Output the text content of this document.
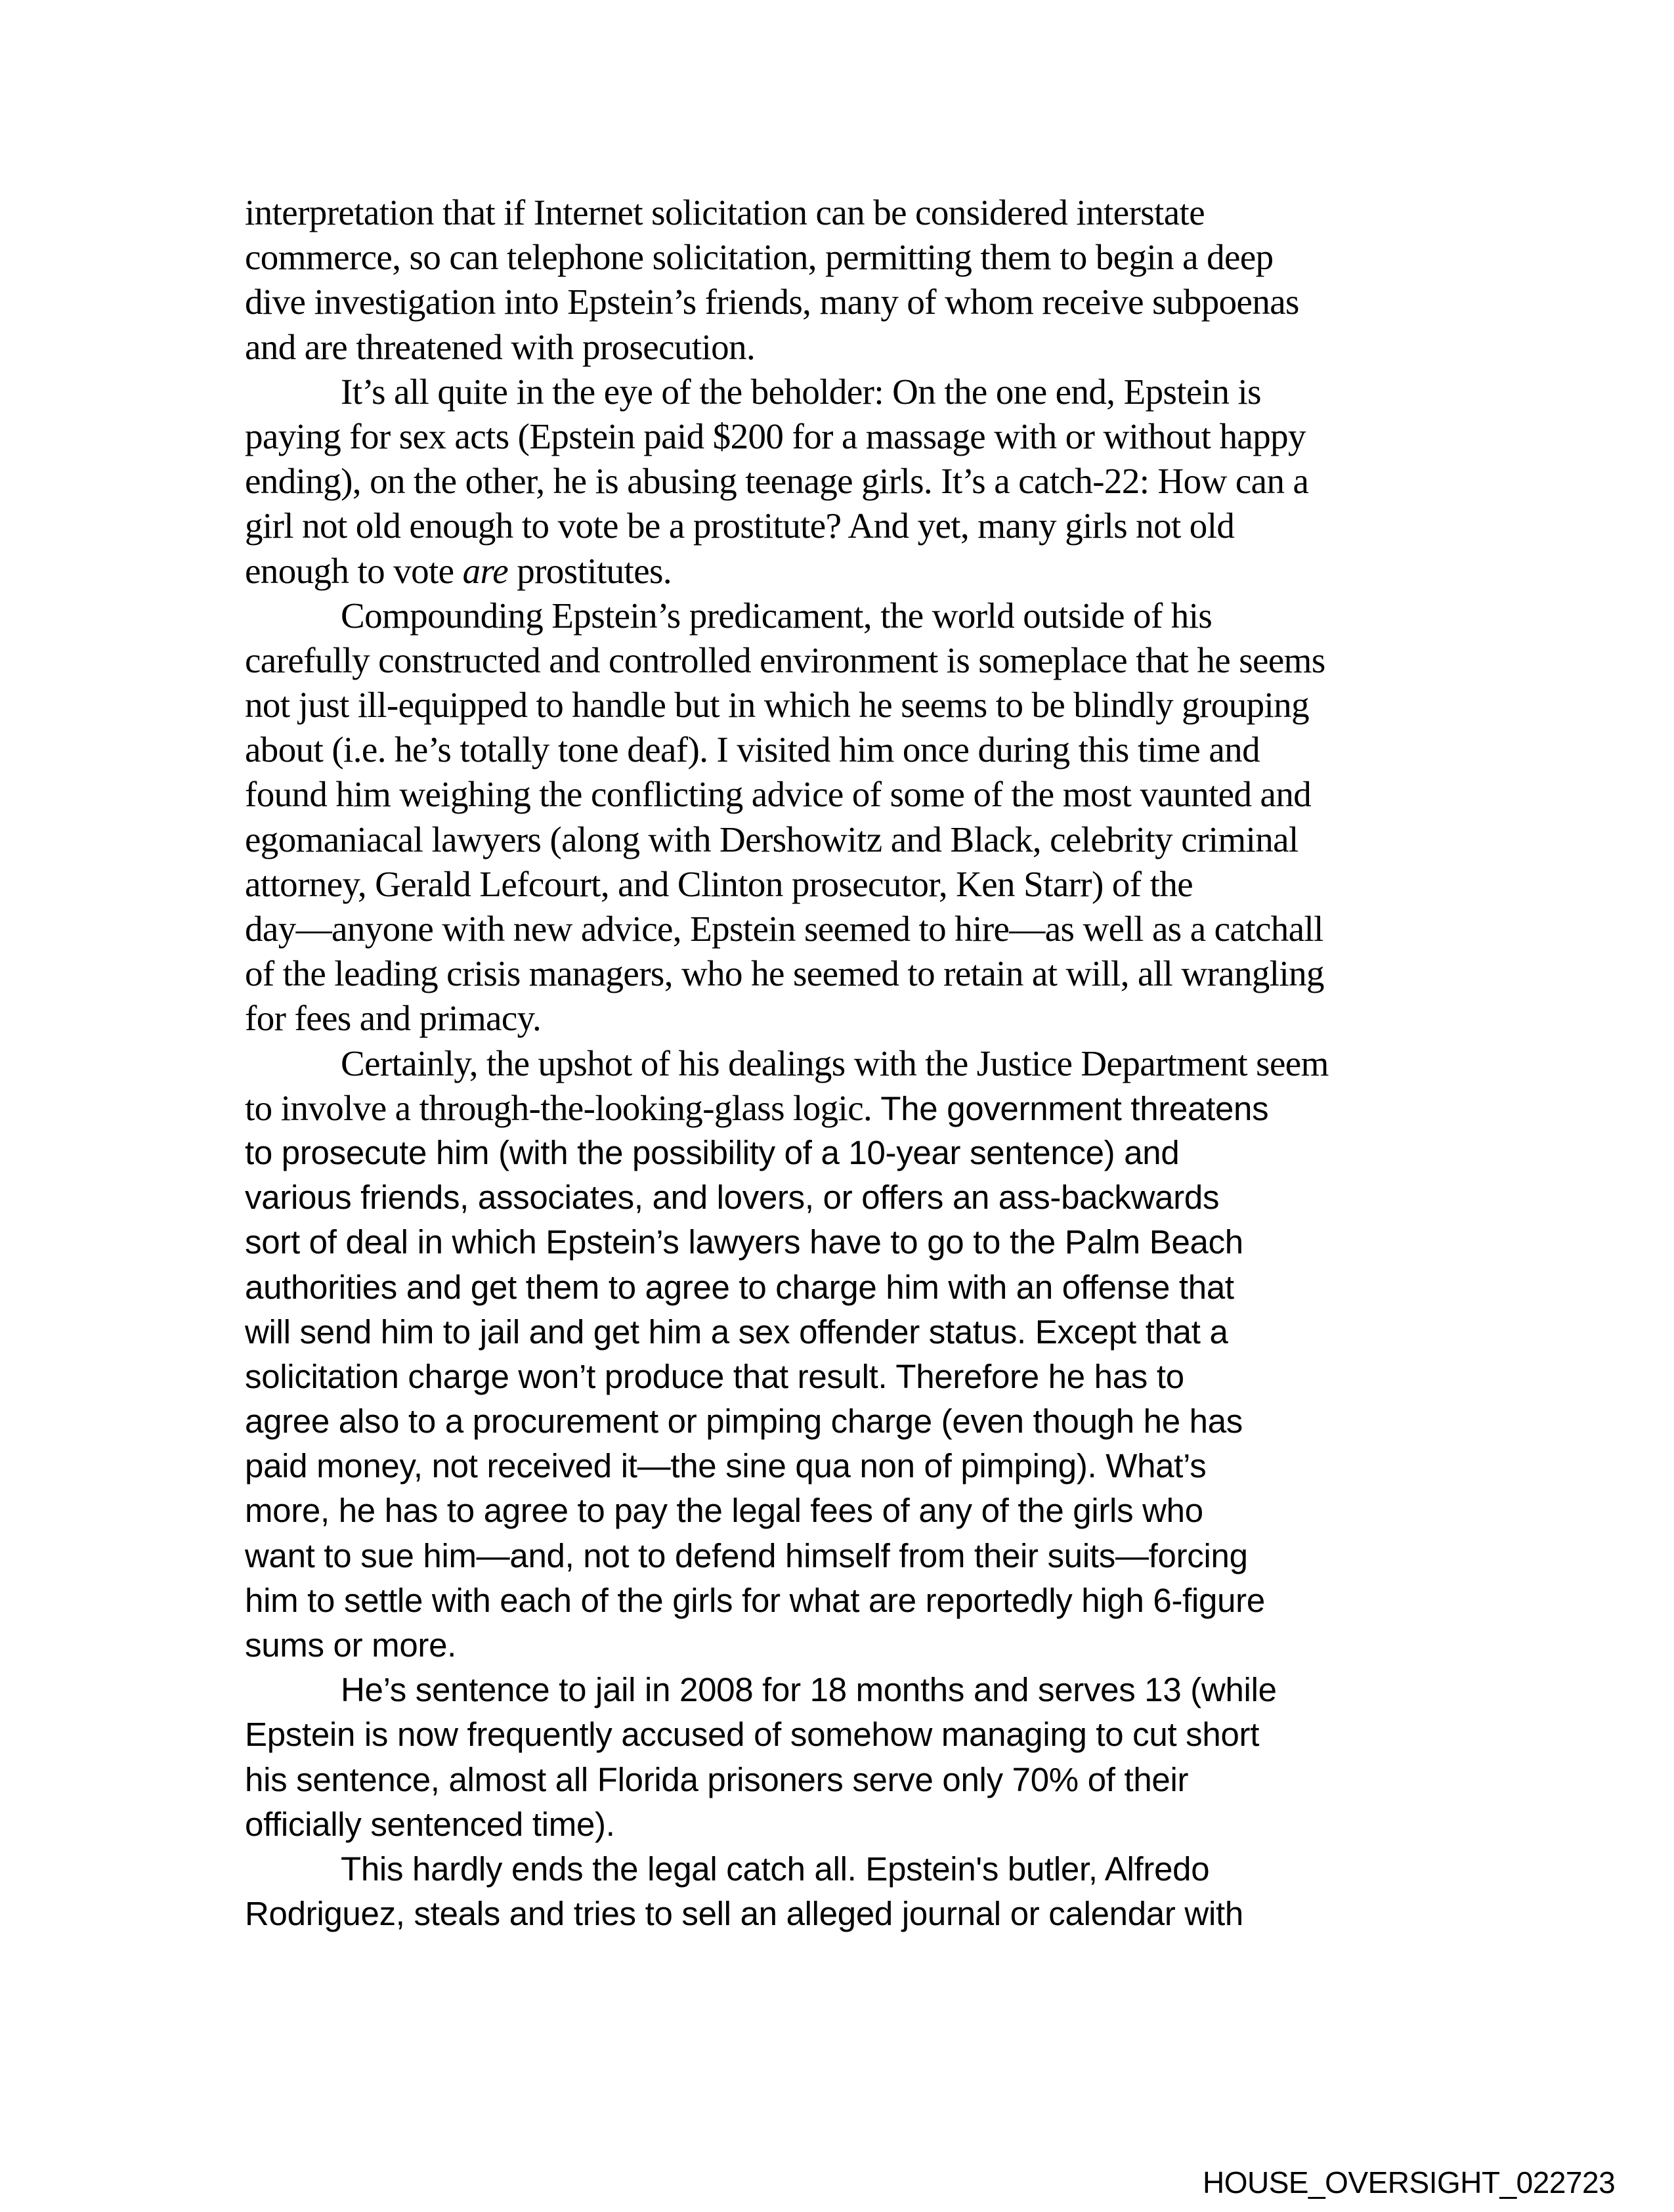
interpretation that if Internet solicitation can be considered interstate
commerce, so can telephone solicitation, permitting them to begin a deep
dive investigation into Epstein’s friends, many of whom receive subpoenas
and are threatened with prosecution.
It’s all quite in the eye of the beholder: On the one end, Epstein is
paying for sex acts (Epstein paid $200 for a massage with or without happy
ending), on the other, he is abusing teenage girls. It’s a catch-22: How can a
girl not old enough to vote be a prostitute? And yet, many girls not old
enough to vote are prostitutes.
Compounding Epstein’s predicament, the world outside of his
carefully constructed and controlled environment is someplace that he seems
not just ill-equipped to handle but in which he seems to be blindly grouping
about (i.e. he’s totally tone deaf). I visited him once during this time and
found him weighing the conflicting advice of some of the most vaunted and
egomaniacal lawyers (along with Dershowitz and Black, celebrity criminal
attorney, Gerald Lefcourt, and Clinton prosecutor, Ken Starr) of the
day—anyone with new advice, Epstein seemed to hire—as well as a catchall
of the leading crisis managers, who he seemed to retain at will, all wrangling
for fees and primacy.
Certainly, the upshot of his dealings with the Justice Department seem
to involve a through-the-looking-glass logic. The government threatens
to prosecute him (with the possibility of a 10-year sentence) and
various friends, associates, and lovers, or offers an ass-backwards
sort of deal in which Epstein’s lawyers have to go to the Palm Beach
authorities and get them to agree to charge him with an offense that
will send him to jail and get him a sex offender status. Except that a
solicitation charge won’t produce that result. Therefore he has to
agree also to a procurement or pimping charge (even though he has
paid money, not received it—the sine qua non of pimping). What’s
more, he has to agree to pay the legal fees of any of the girls who
want to sue him—and, not to defend himself from their suits—forcing
him to settle with each of the girls for what are reportedly high 6-figure
sums or more.
He’s sentence to jail in 2008 for 18 months and serves 13 (while
Epstein is now frequently accused of somehow managing to cut short
his sentence, almost all Florida prisoners serve only 70% of their
officially sentenced time).
This hardly ends the legal catch all. Epstein's butler, Alfredo
Rodriguez, steals and tries to sell an alleged journal or calendar with
HOUSE_OVERSIGHT_022723
